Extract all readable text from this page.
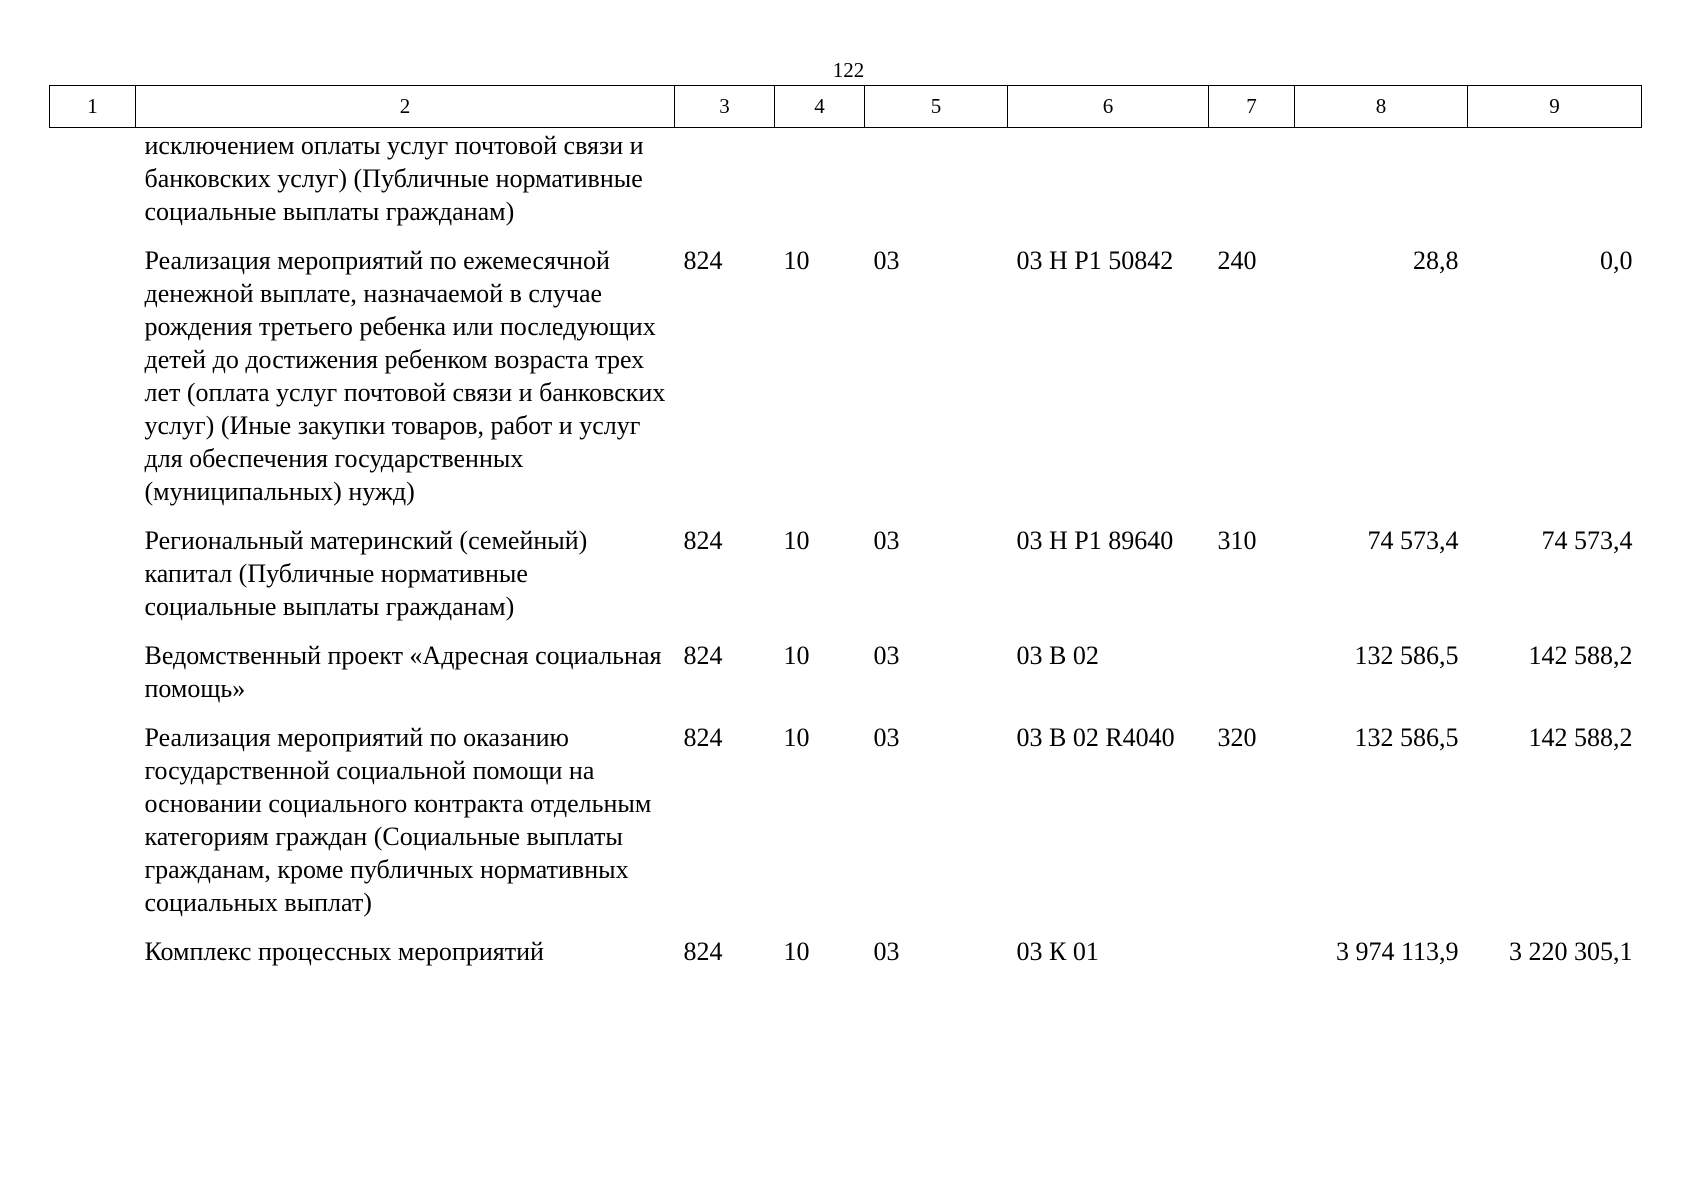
122
1	2	3	4	5	6	7	8	9
	исключением оплаты услуг почтовой связи и банковских услуг) (Публичные нормативные социальные выплаты гражданам)							
	Реализация мероприятий по ежемесячной денежной выплате, назначаемой в случае рождения третьего ребенка или последующих детей до достижения ребенком возраста трех лет (оплата услуг почтовой связи и банковских услуг) (Иные закупки товаров, работ и услуг для обеспечения государственных (муниципальных) нужд)	824	10	03	03 Н Р1 50842	240	28,8	0,0
	Региональный материнский (семейный) капитал (Публичные нормативные социальные выплаты гражданам)	824	10	03	03 Н Р1 89640	310	74 573,4	74 573,4
	Ведомственный проект «Адресная социальная помощь»	824	10	03	03 В 02		132 586,5	142 588,2
	Реализация мероприятий по оказанию государственной социальной помощи на основании социального контракта отдельным категориям граждан (Социальные выплаты гражданам, кроме публичных нормативных социальных выплат)	824	10	03	03 В 02 R4040	320	132 586,5	142 588,2
	Комплекс процессных мероприятий	824	10	03	03 К 01		3 974 113,9	3 220 305,1
